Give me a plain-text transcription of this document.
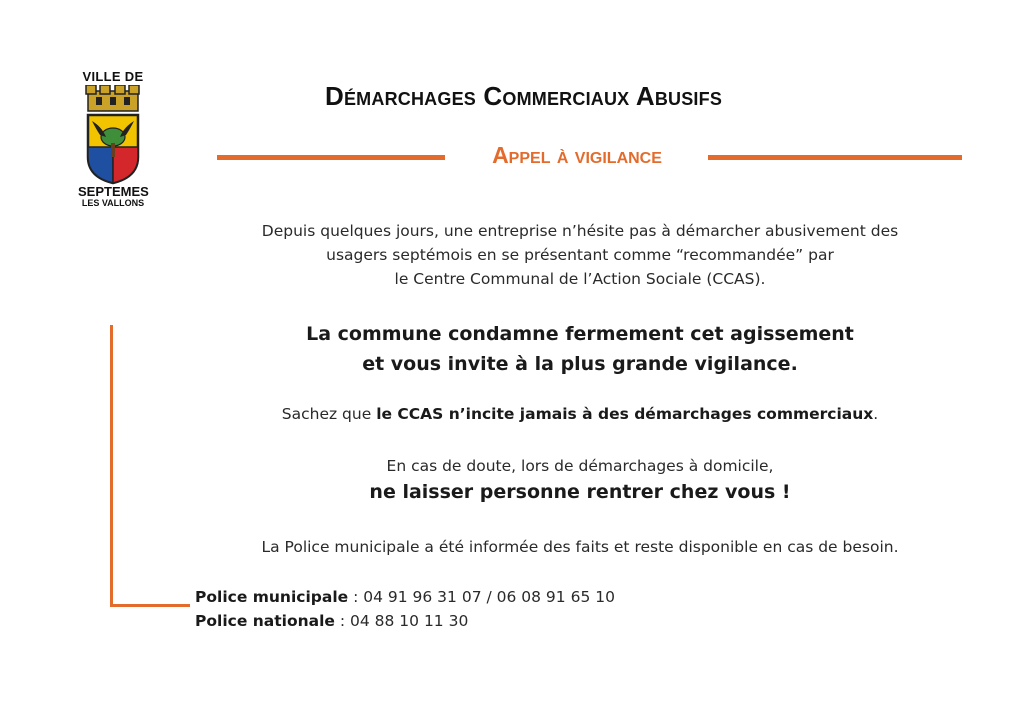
VILLE DE
SEPTEMES
LES VALLONS
Démarchages Commerciaux Abusifs
Appel à vigilance
Depuis quelques jours, une entreprise n’hésite pas à démarcher abusivement des
usagers septémois en se présentant comme “recommandée” par
le Centre Communal de l’Action Sociale (CCAS).
La commune condamne fermement cet agissement
et vous invite à la plus grande vigilance.
Sachez que le CCAS n’incite jamais à des démarchages commerciaux.
En cas de doute, lors de démarchages à domicile,
ne laisser personne rentrer chez vous !
La Police municipale a été informée des faits et reste disponible en cas de besoin.
Police municipale : 04 91 96 31 07 / 06 08 91 65 10
Police nationale : 04 88 10 11 30
